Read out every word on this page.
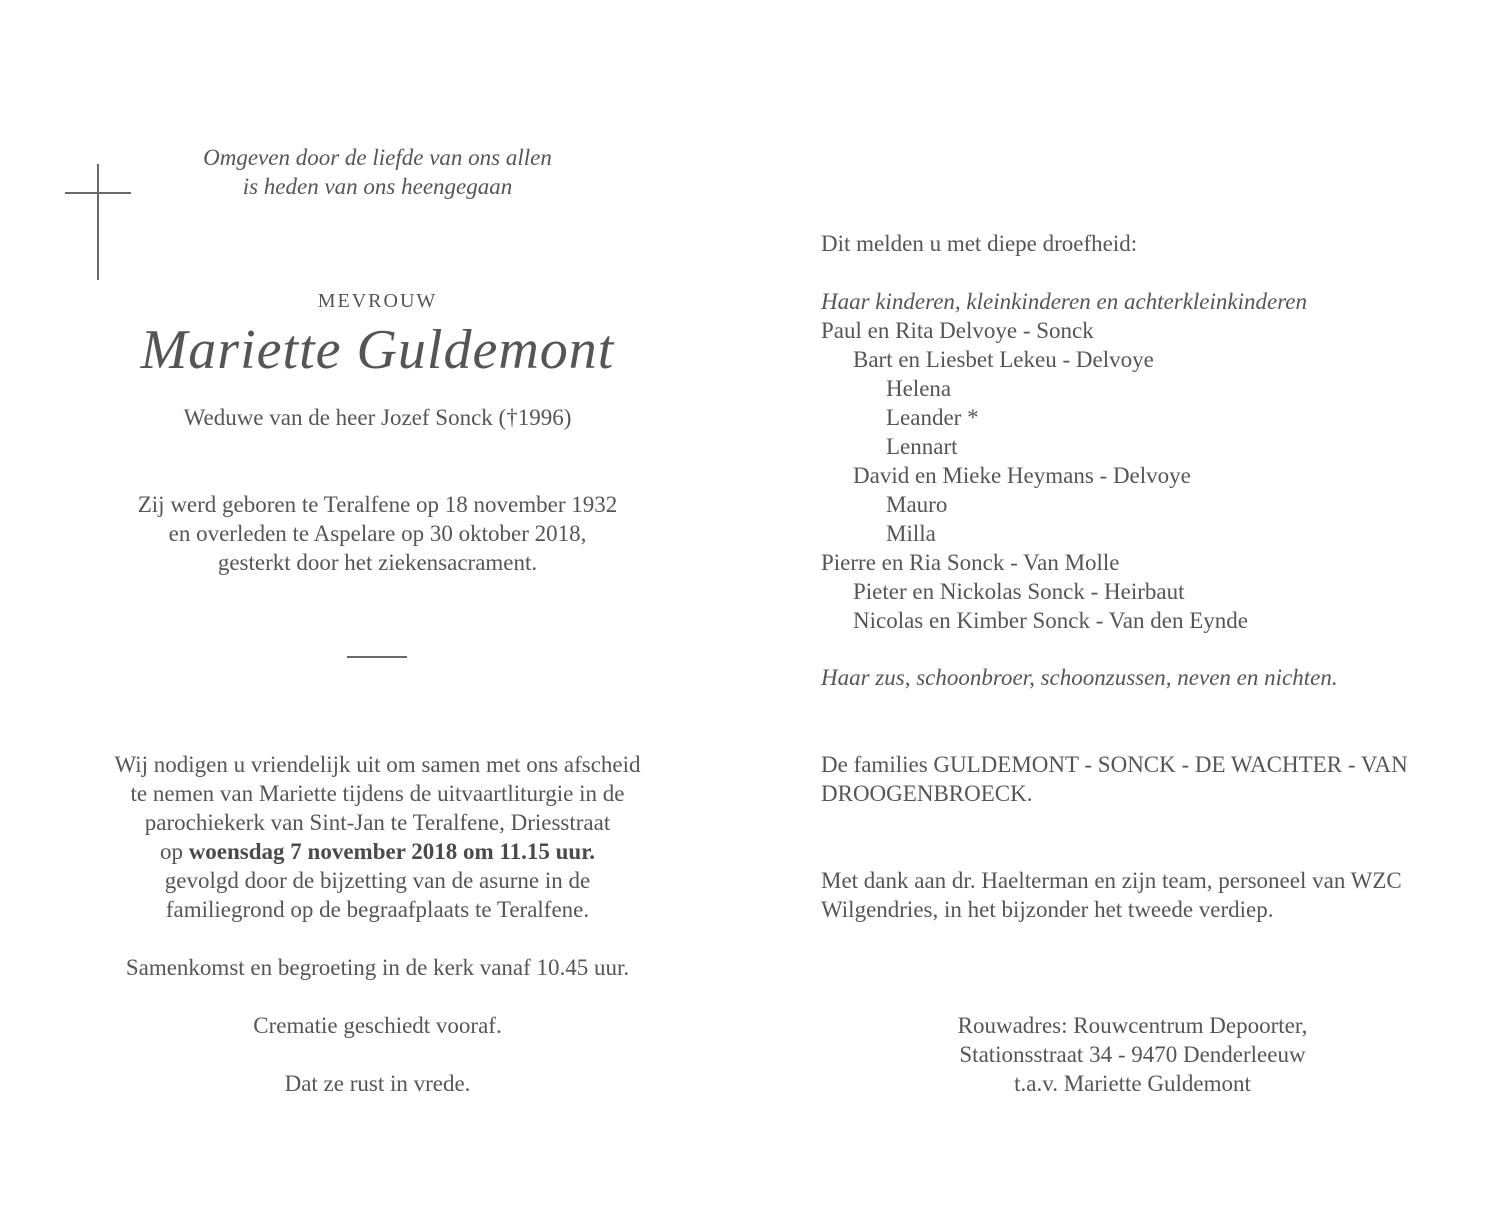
Omgeven door de liefde van ons allen
is heden van ons heengegaan
MEVROUW
Mariette Guldemont
Weduwe van de heer Jozef Sonck (†1996)
Zij werd geboren te Teralfene op 18 november 1932
en overleden te Aspelare op 30 oktober 2018,
gesterkt door het ziekensacrament.
Wij nodigen u vriendelijk uit om samen met ons afscheid
te nemen van Mariette tijdens de uitvaartliturgie in de
parochiekerk van Sint-Jan te Teralfene, Driesstraat
op woensdag 7 november 2018 om 11.15 uur.
gevolgd door de bijzetting van de asurne in de
familiegrond op de begraafplaats te Teralfene.
Samenkomst en begroeting in de kerk vanaf 10.45 uur.
Crematie geschiedt vooraf.
Dat ze rust in vrede.
Dit melden u met diepe droefheid:
Haar kinderen, kleinkinderen en achterkleinkinderen
Paul en Rita Delvoye - Sonck
Bart en Liesbet Lekeu - Delvoye
Helena
Leander *
Lennart
David en Mieke Heymans - Delvoye
Mauro
Milla
Pierre en Ria Sonck - Van Molle
Pieter en Nickolas Sonck - Heirbaut
Nicolas en Kimber Sonck - Van den Eynde
Haar zus, schoonbroer, schoonzussen, neven en nichten.
De families GULDEMONT - SONCK - DE WACHTER - VAN
DROOGENBROECK.
Met dank aan dr. Haelterman en zijn team, personeel van WZC
Wilgendries, in het bijzonder het tweede verdiep.
Rouwadres: Rouwcentrum Depoorter,
Stationsstraat 34 - 9470 Denderleeuw
t.a.v. Mariette Guldemont
